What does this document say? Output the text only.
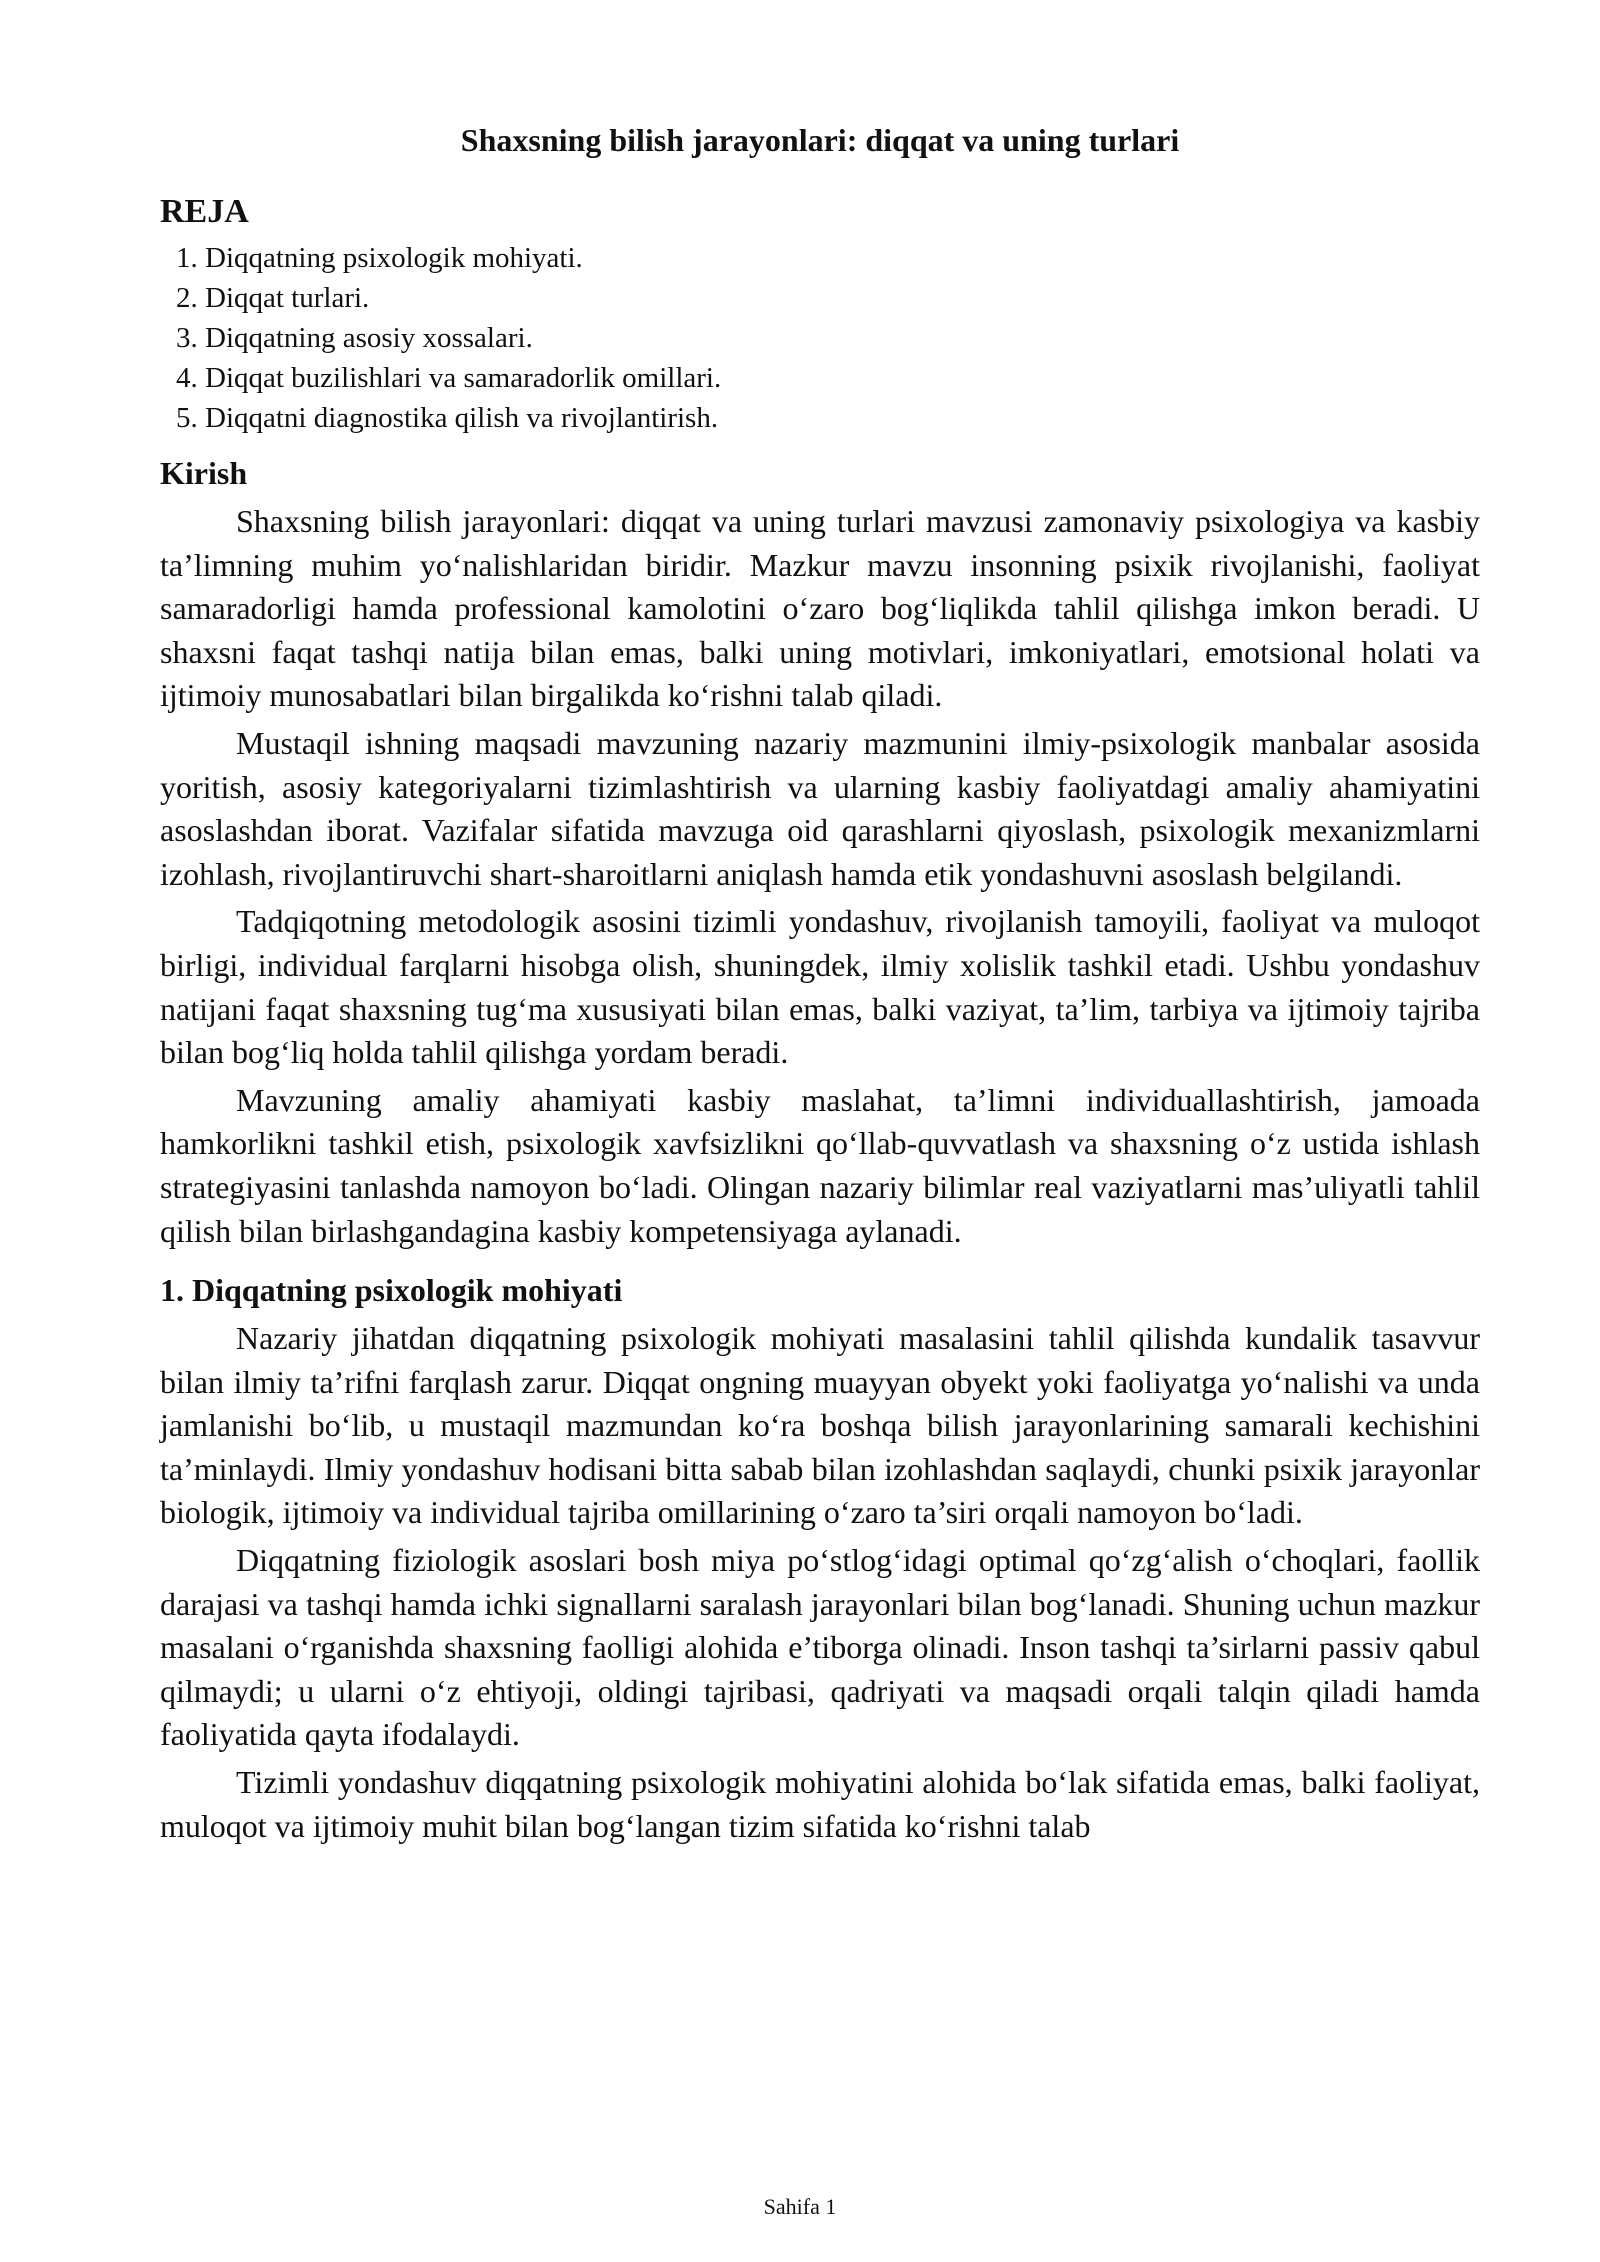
Shaxsning bilish jarayonlari: diqqat va uning turlari
REJA
1. Diqqatning psixologik mohiyati.
2. Diqqat turlari.
3. Diqqatning asosiy xossalari.
4. Diqqat buzilishlari va samaradorlik omillari.
5. Diqqatni diagnostika qilish va rivojlantirish.
Kirish

Shaxsning bilish jarayonlari: diqqat va uning turlari mavzusi zamonaviy psixologiya va kasbiy ta’limning muhim yo‘nalishlaridan biridir. Mazkur mavzu insonning psixik rivojlanishi, faoliyat samaradorligi hamda professional kamolotini o‘zaro bog‘liqlikda tahlil qilishga imkon beradi. U shaxsni faqat tashqi natija bilan emas, balki uning motivlari, imkoniyatlari, emotsional holati va ijtimoiy munosabatlari bilan birgalikda ko‘rishni talab qiladi.

Mustaqil ishning maqsadi mavzuning nazariy mazmunini ilmiy-psixologik manbalar asosida yoritish, asosiy kategoriyalarni tizimlashtirish va ularning kasbiy faoliyatdagi amaliy ahamiyatini asoslashdan iborat. Vazifalar sifatida mavzuga oid qarashlarni qiyoslash, psixologik mexanizmlarni izohlash, rivojlantiruvchi shart-sharoitlarni aniqlash hamda etik yondashuvni asoslash belgilandi.

Tadqiqotning metodologik asosini tizimli yondashuv, rivojlanish tamoyili, faoliyat va muloqot birligi, individual farqlarni hisobga olish, shuningdek, ilmiy xolislik tashkil etadi. Ushbu yondashuv natijani faqat shaxsning tug‘ma xususiyati bilan emas, balki vaziyat, ta’lim, tarbiya va ijtimoiy tajriba bilan bog‘liq holda tahlil qilishga yordam beradi.

Mavzuning amaliy ahamiyati kasbiy maslahat, ta’limni individuallashtirish, jamoada hamkorlikni tashkil etish, psixologik xavfsizlikni qo‘llab-quvvatlash va shaxsning o‘z ustida ishlash strategiyasini tanlashda namoyon bo‘ladi. Olingan nazariy bilimlar real vaziyatlarni mas’uliyatli tahlil qilish bilan birlashgandagina kasbiy kompetensiyaga aylanadi.

1. Diqqatning psixologik mohiyati

Nazariy jihatdan diqqatning psixologik mohiyati masalasini tahlil qilishda kundalik tasavvur bilan ilmiy ta’rifni farqlash zarur. Diqqat ongning muayyan obyekt yoki faoliyatga yo‘nalishi va unda jamlanishi bo‘lib, u mustaqil mazmundan ko‘ra boshqa bilish jarayonlarining samarali kechishini ta’minlaydi. Ilmiy yondashuv hodisani bitta sabab bilan izohlashdan saqlaydi, chunki psixik jarayonlar biologik, ijtimoiy va individual tajriba omillarining o‘zaro ta’siri orqali namoyon bo‘ladi.

Diqqatning fiziologik asoslari bosh miya po‘stlog‘idagi optimal qo‘zg‘alish o‘choqlari, faollik darajasi va tashqi hamda ichki signallarni saralash jarayonlari bilan bog‘lanadi. Shuning uchun mazkur masalani o‘rganishda shaxsning faolligi alohida e’tiborga olinadi. Inson tashqi ta’sirlarni passiv qabul qilmaydi; u ularni o‘z ehtiyoji, oldingi tajribasi, qadriyati va maqsadi orqali talqin qiladi hamda faoliyatida qayta ifodalaydi.

Tizimli yondashuv diqqatning psixologik mohiyatini alohida bo‘lak sifatida emas, balki faoliyat, muloqot va ijtimoiy muhit bilan bog‘langan tizim sifatida ko‘rishni talab

Sahifa 1
